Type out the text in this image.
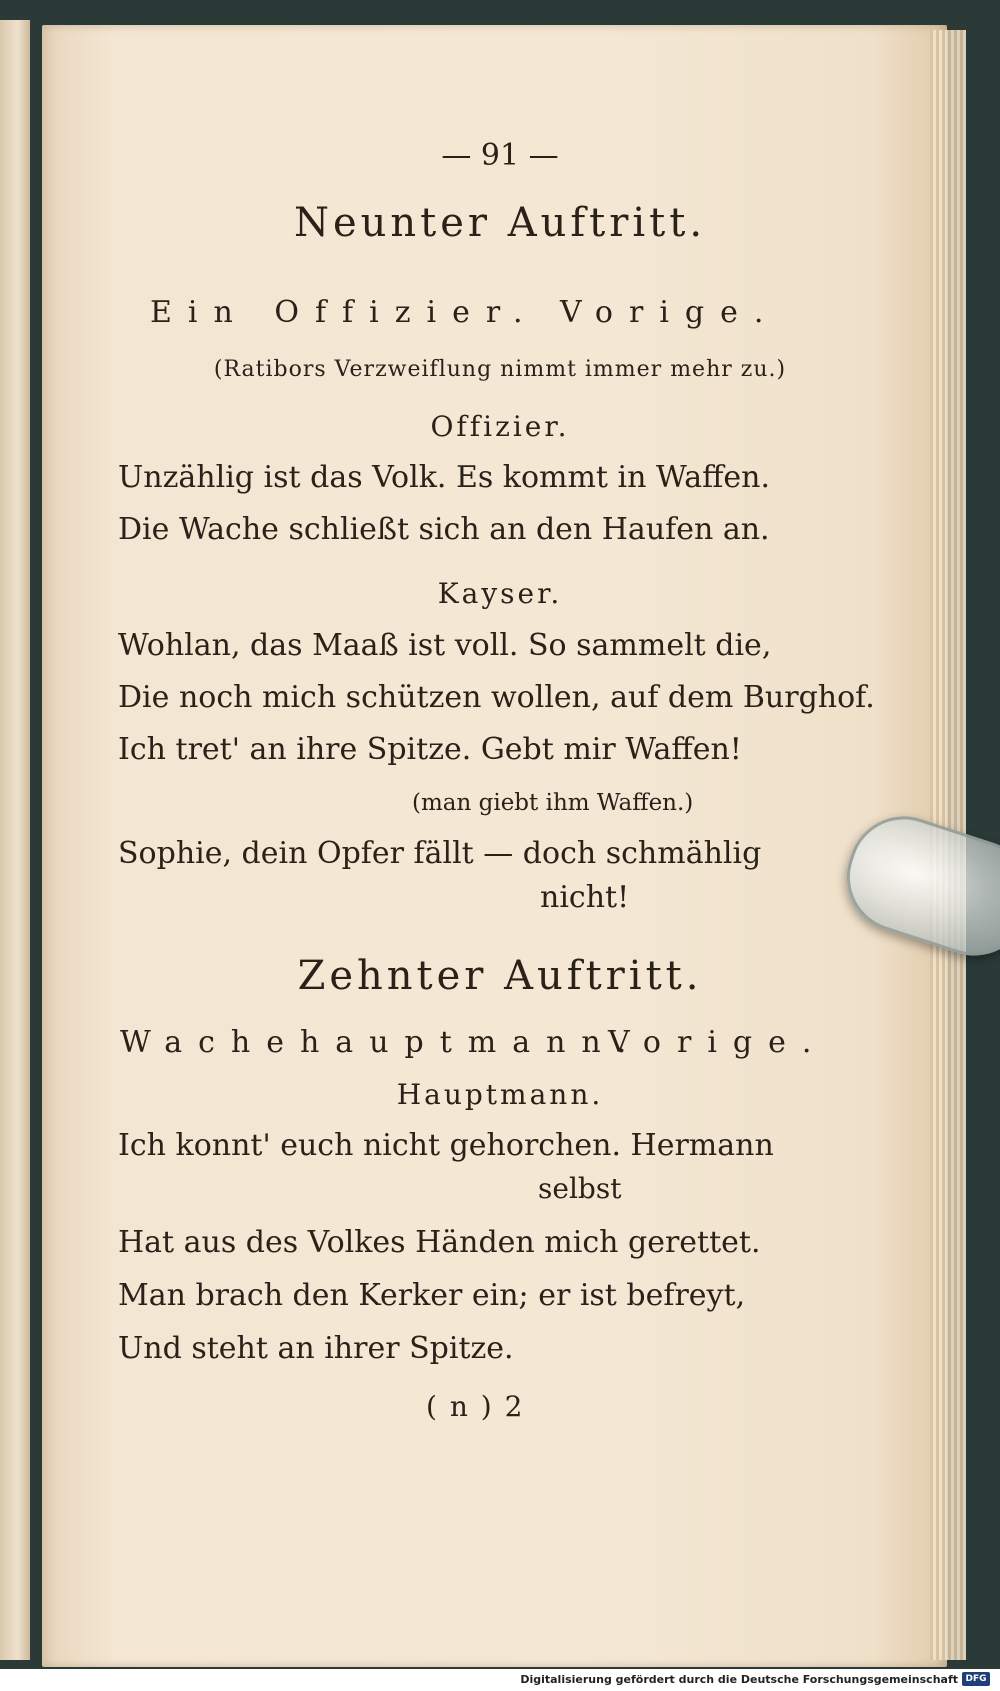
— 91 —
Neunter Auftritt.
Ein Offizier. Vorige.
(Ratibors Verzweiflung nimmt immer mehr zu.)
Offizier.
Unzählig ist das Volk. Es kommt in Waffen.
Die Wache schließt sich an den Haufen an.
Kayser.
Wohlan, das Maaß ist voll. So sammelt die,
Die noch mich schützen wollen, auf dem Burghof.
Ich tret' an ihre Spitze. Gebt mir Waffen!
(man giebt ihm Waffen.)
Sophie, dein Opfer fällt — doch schmählig
nicht!
Zehnter Auftritt.
Wachehauptmann.
Vorige.
Hauptmann.
Ich konnt' euch nicht gehorchen. Hermann
selbst
Hat aus des Volkes Händen mich gerettet.
Man brach den Kerker ein; er ist befreyt,
Und steht an ihrer Spitze.
( n ) 2
Digitalisierung gefördert durch die Deutsche Forschungsgemeinschaft DFG
